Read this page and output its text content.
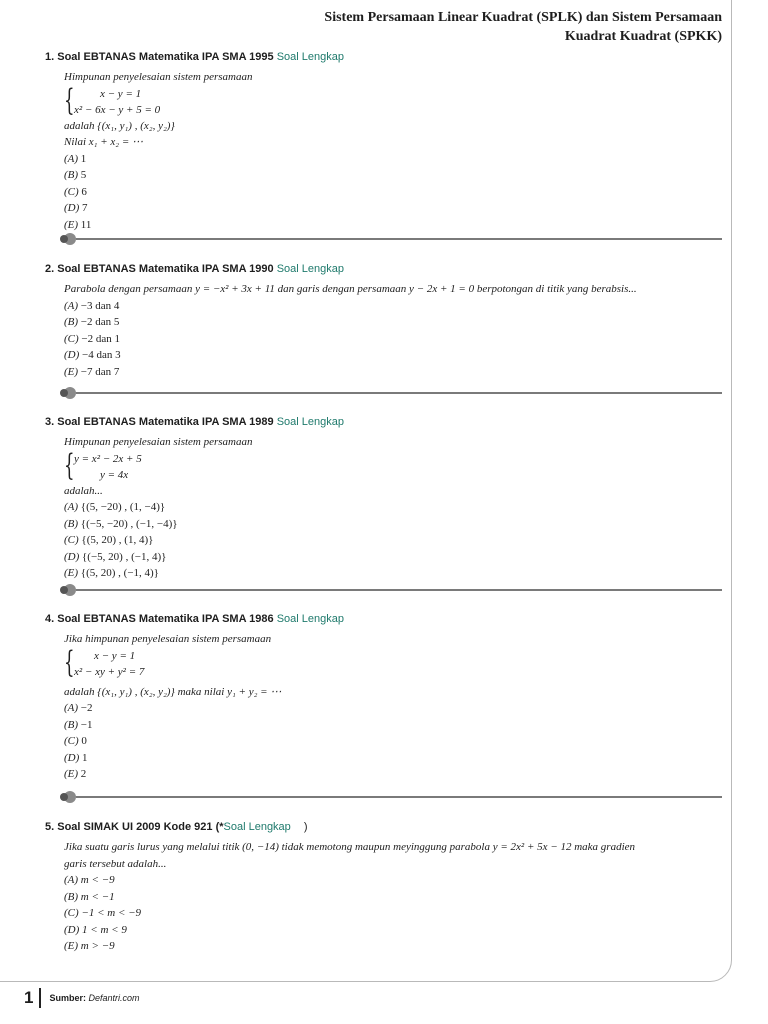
Sistem Persamaan Linear Kuadrat (SPLK) dan Sistem Persamaan
Kuadrat Kuadrat (SPKK)
1. Soal EBTANAS Matematika IPA SMA 1995 Soal Lengkap
Himpunan penyelesaian sistem persamaan
{	x − y = 1
x² − 6x − y + 5 = 0
adalah {(x₁, y₁) , (x₂, y₂)}
Nilai x₁ + x₂ = ⋯
(A) 1
(B) 5
(C) 6
(D) 7
(E) 11
2. Soal EBTANAS Matematika IPA SMA 1990 Soal Lengkap
Parabola dengan persamaan y = −x² + 3x + 11 dan garis dengan persamaan y − 2x + 1 = 0 berpotongan di titik yang berabsis...
(A) −3 dan 4
(B) −2 dan 5
(C) −2 dan 1
(D) −4 dan 3
(E) −7 dan 7
3. Soal EBTANAS Matematika IPA SMA 1989 Soal Lengkap
Himpunan penyelesaian sistem persamaan
{ y = x² − 2x + 5
y = 4x
adalah...
(A) {(5, −20) , (1, −4)}
(B) {(−5, −20) , (−1, −4)}
(C) {(5, 20) , (1, 4)}
(D) {(−5, 20) , (−1, 4)}
(E) {(5, 20) , (−1, 4)}
4. Soal EBTANAS Matematika IPA SMA 1986 Soal Lengkap
Jika himpunan penyelesaian sistem persamaan
{	x − y = 1
x² − xy + y² = 7
adalah {(x₁, y₁) , (x₂, y₂)} maka nilai y₁ + y₂ = ⋯
(A) −2
(B) −1
(C) 0
(D) 1
(E) 2
5. Soal SIMAK UI 2009 Kode 921 (*Soal Lengkap )
Jika suatu garis lurus yang melalui titik (0, −14) tidak memotong maupun meyinggung parabola y = 2x² + 5x − 12 maka gradien
garis tersebut adalah...
(A) m < −9
(B) m < −1
(C) −1 < m < −9
(D) 1 < m < 9
(E) m > −9
1 Sumber: Defantri.com
